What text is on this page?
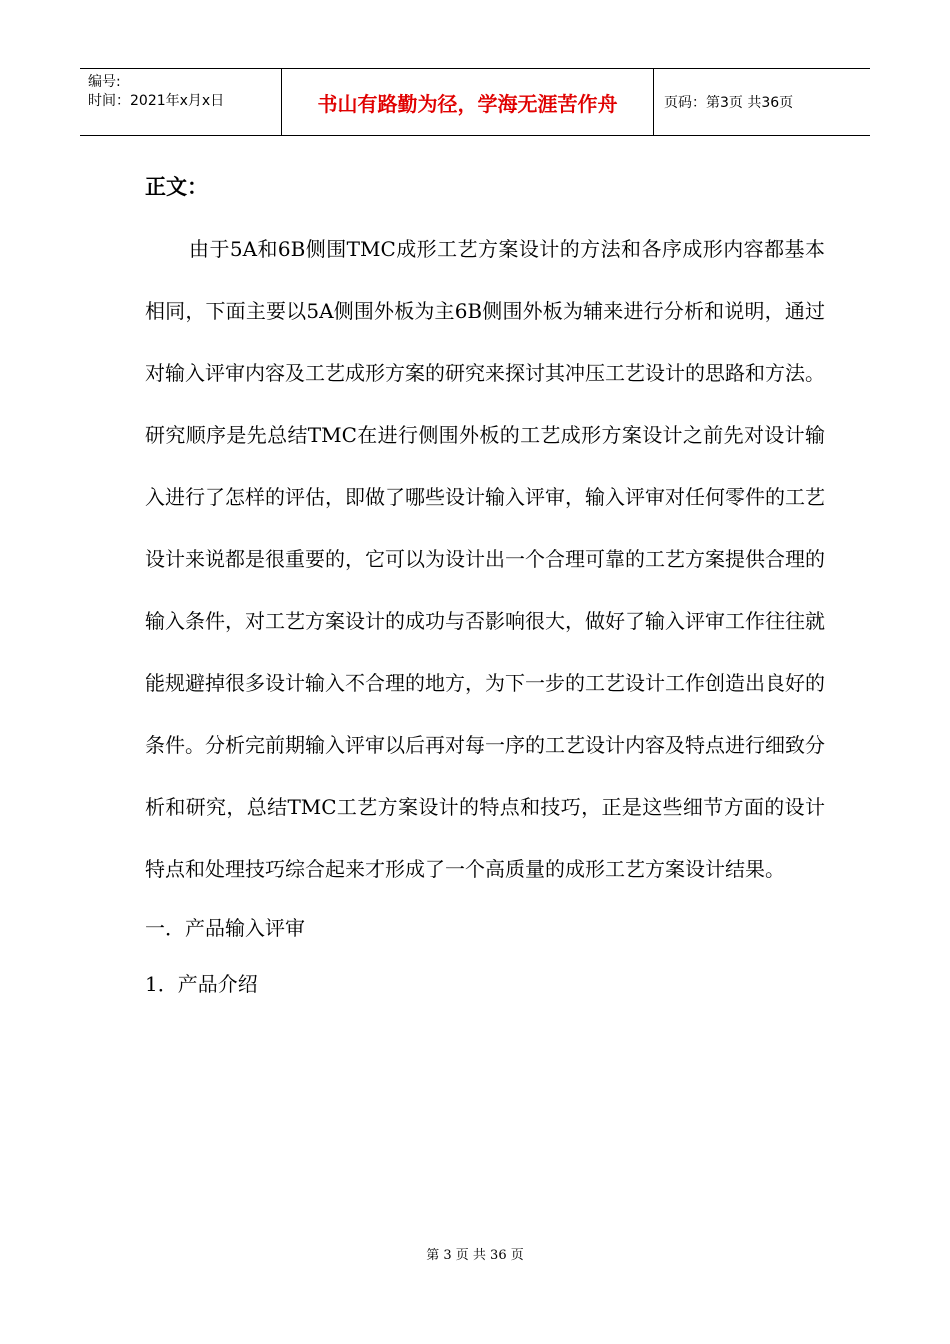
编号:
时间：2021年x月x日	书山有路勤为径，学海无涯苦作舟	页码：第3页 共36页
正文：

由于5A和6B侧围TMC成形工艺方案设计的方法和各序成形内容都基本相同，下面主要以5A侧围外板为主6B侧围外板为辅来进行分析和说明，通过对输入评审内容及工艺成形方案的研究来探讨其冲压工艺设计的思路和方法。研究顺序是先总结TMC在进行侧围外板的工艺成形方案设计之前先对设计输入进行了怎样的评估，即做了哪些设计输入评审，输入评审对任何零件的工艺设计来说都是很重要的，它可以为设计出一个合理可靠的工艺方案提供合理的输入条件，对工艺方案设计的成功与否影响很大，做好了输入评审工作往往就能规避掉很多设计输入不合理的地方，为下一步的工艺设计工作创造出良好的条件。分析完前期输入评审以后再对每一序的工艺设计内容及特点进行细致分析和研究，总结TMC工艺方案设计的特点和技巧，正是这些细节方面的设计特点和处理技巧综合起来才形成了一个高质量的成形工艺方案设计结果。

一．产品输入评审

1．产品介绍

第 3 页 共 36 页
